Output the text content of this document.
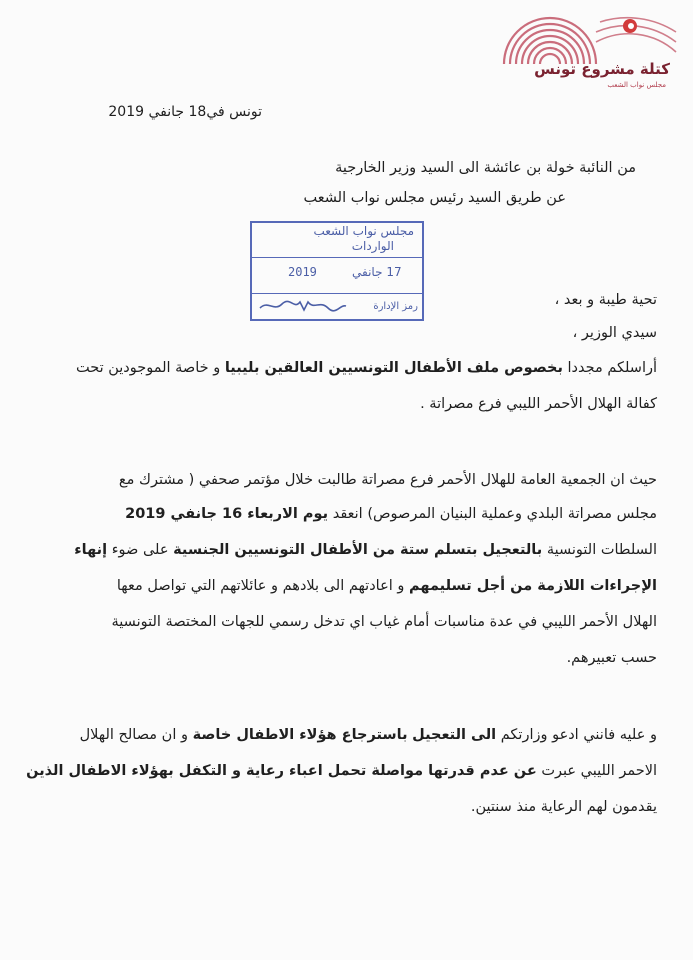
كتلة مشروع تونس
مجلس نواب الشعب
تونس في18 جانفي 2019
من النائبة خولة بن عائشة الى السيد وزير الخارجية
عن طريق السيد رئيس مجلس نواب الشعب
مجلس نواب الشعب
الواردات
2019	17 جانفي
رمز الإدارة	تحية طيبة و بعد ،
سيدي الوزير ،
أراسلكم مجددا بخصوص ملف الأطفال التونسيين العالقين بليبيا و خاصة الموجودين تحت
كفالة الهلال الأحمر الليبي فرع مصراتة .
حيث ان الجمعية العامة للهلال الأحمر فرع مصراتة طالبت خلال مؤتمر صحفي ( مشترك مع
مجلس مصراتة البلدي وعملية البنيان المرصوص) انعقد يوم الاربعاء 16 جانفي 2019
السلطات التونسية بالتعجيل بتسلم ستة من الأطفال التونسيين الجنسية على ضوء إنهاء
الإجراءات اللازمة من أجل تسليمهم و اعادتهم الى بلادهم و عائلاتهم التي تواصل معها
الهلال الأحمر الليبي في عدة مناسبات أمام غياب اي تدخل رسمي للجهات المختصة التونسية
حسب تعبيرهم.
و عليه فانني ادعو وزارتكم الى التعجيل باسترجاع هؤلاء الاطفال خاصة و ان مصالح الهلال
الاحمر الليبي عبرت عن عدم قدرتها مواصلة تحمل اعباء رعاية و التكفل بهؤلاء الاطفال الذين
يقدمون لهم الرعاية منذ سنتين.
